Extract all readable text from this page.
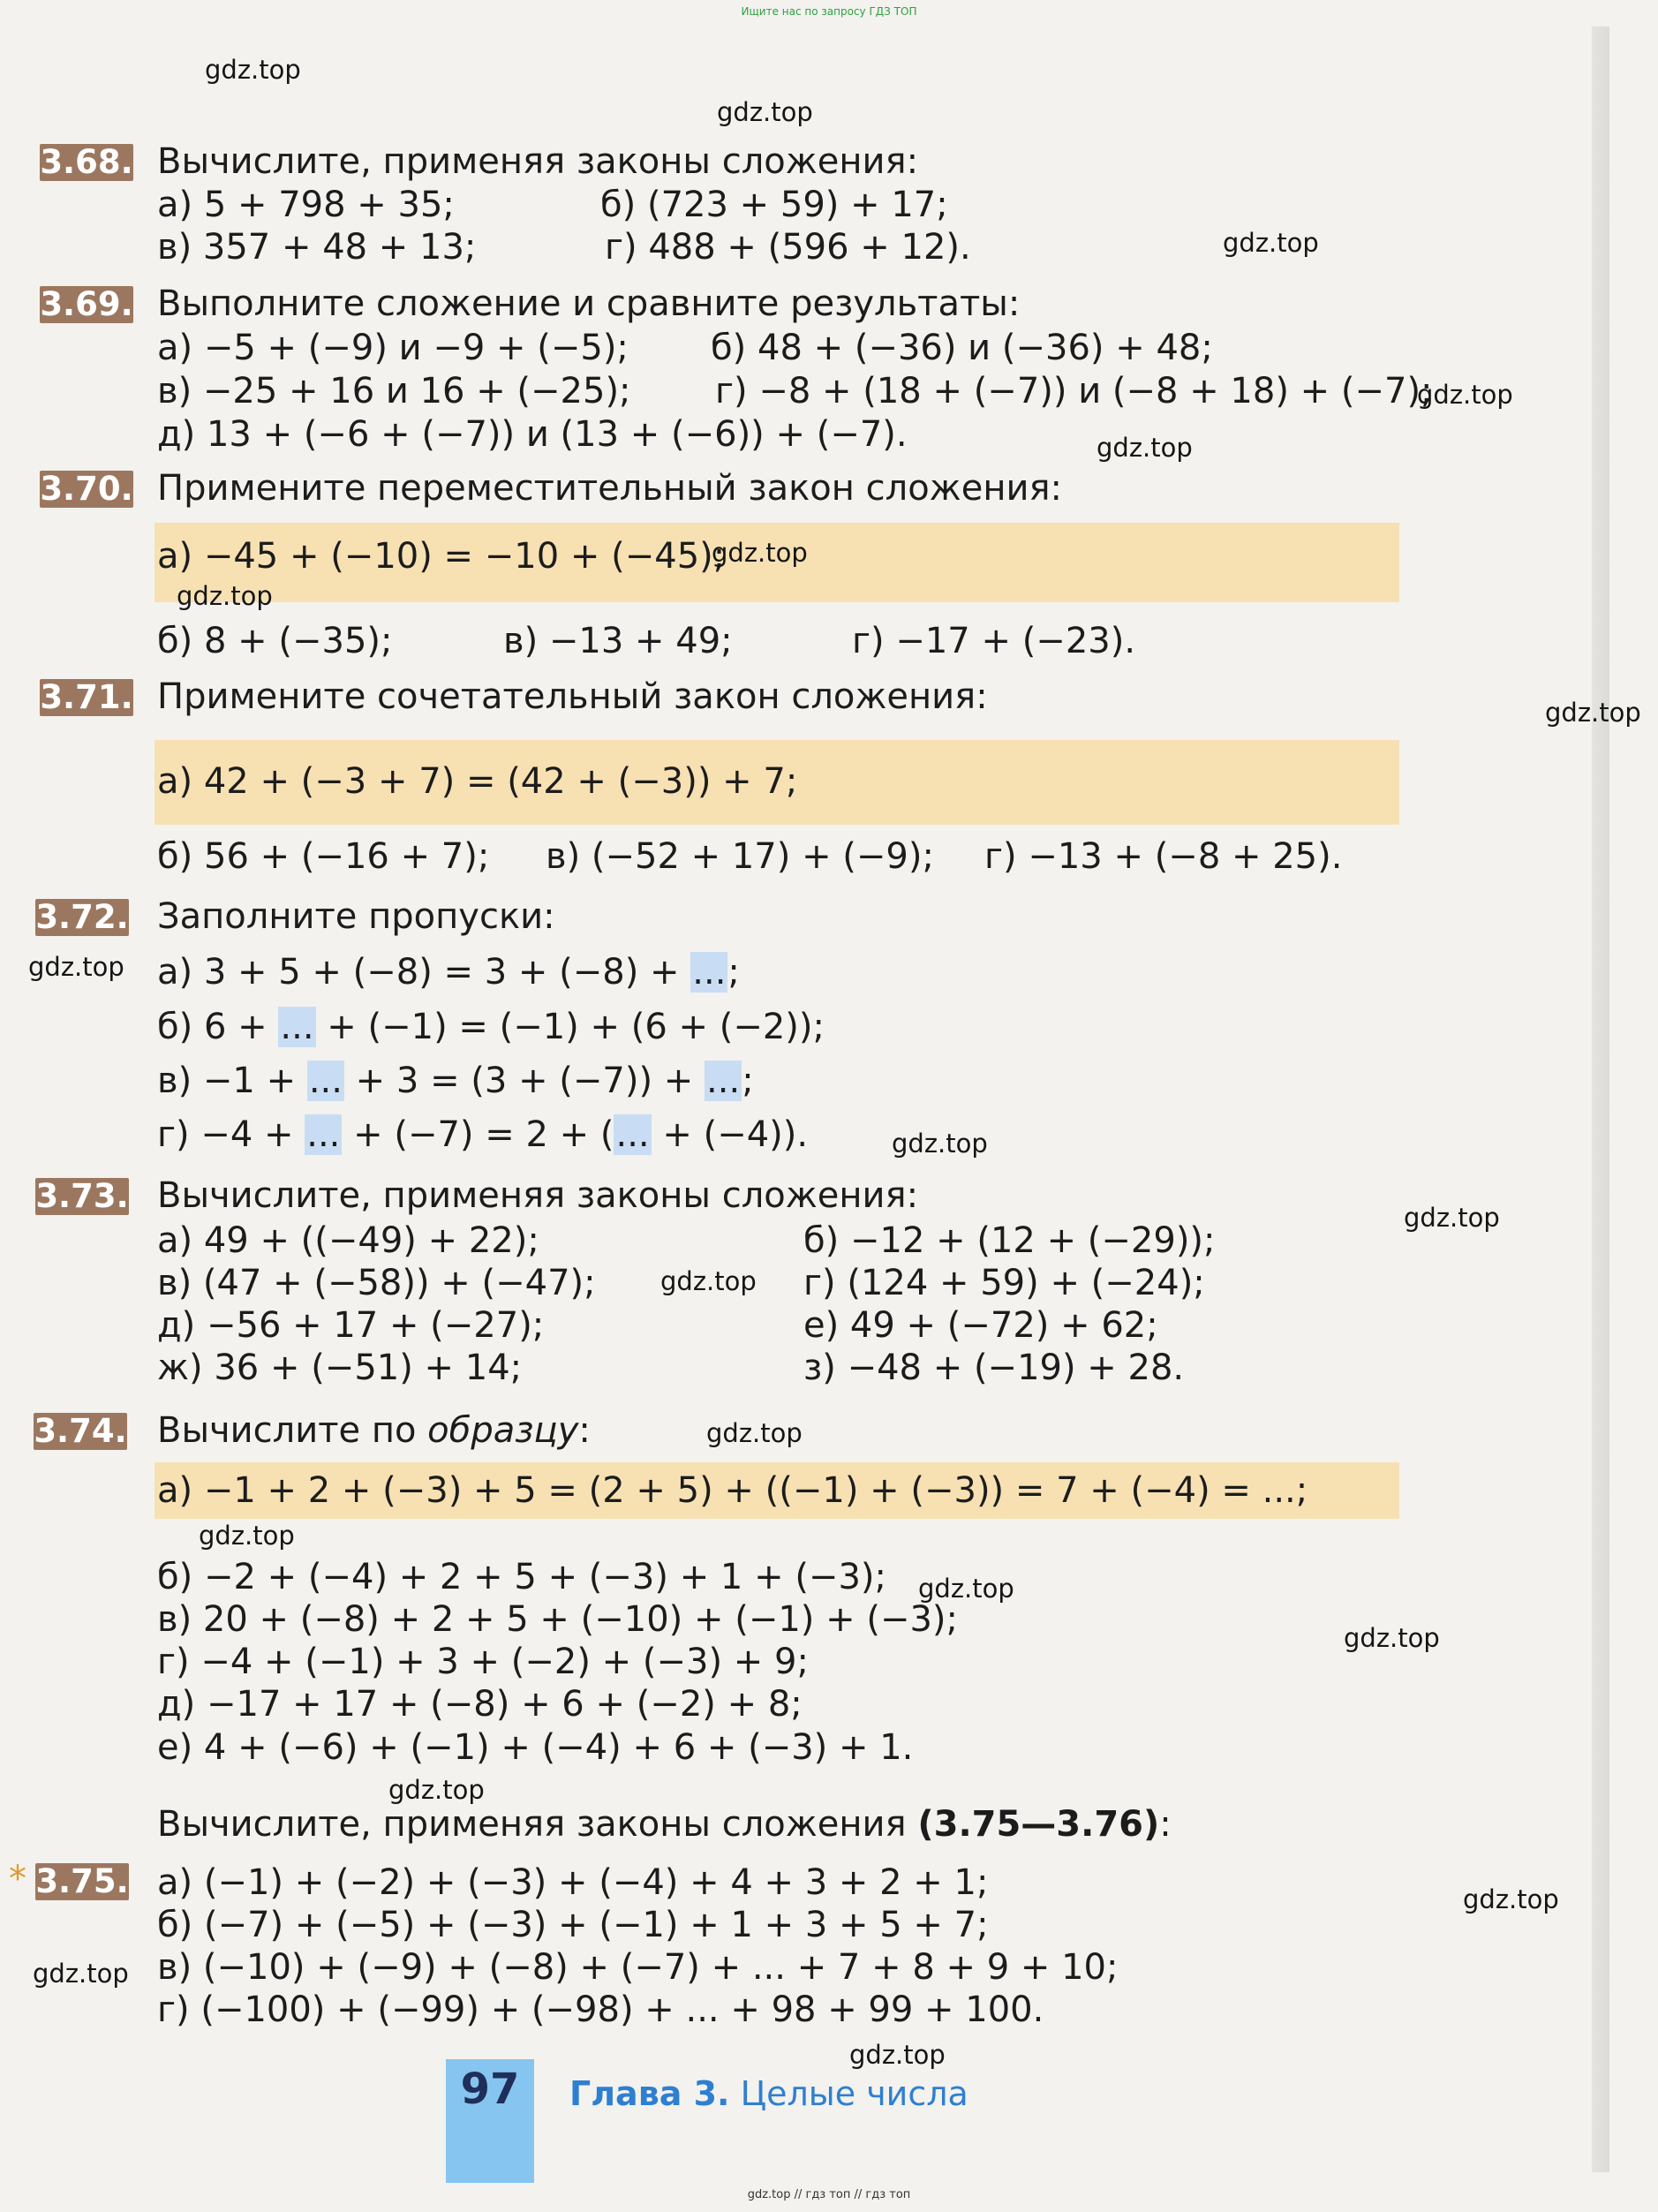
Ищите нас по запросу ГДЗ ТОП
3.68. Вычислите, применяя законы сложения:
а) 5 + 798 + 35;	б) (723 + 59) + 17;
в) 357 + 48 + 13;	г) 488 + (596 + 12).
3.69. Выполните сложение и сравните результаты:
а) −5 + (−9) и −9 + (−5); б) 48 + (−36) и (−36) + 48;
в) −25 + 16 и 16 + (−25); г) −8 + (18 + (−7)) и (−8 + 18) + (−7);
д) 13 + (−6 + (−7)) и (13 + (−6)) + (−7).
3.70. Примените переместительный закон сложения:
а) −45 + (−10) = −10 + (−45);
б) 8 + (−35);	в) −13 + 49;	г) −17 + (−23).
3.71. Примените сочетательный закон сложения:
а) 42 + (−3 + 7) = (42 + (−3)) + 7;
б) 56 + (−16 + 7); в) (−52 + 17) + (−9); г) −13 + (−8 + 25).
3.72. Заполните пропуски:
а) 3 + 5 + (−8) = 3 + (−8) + ...;
б) 6 + ... + (−1) = (−1) + (6 + (−2));
в) −1 + ... + 3 = (3 + (−7)) + ...;
г) −4 + ... + (−7) = 2 + (... + (−4)).
3.73. Вычислите, применяя законы сложения:
а) 49 + ((−49) + 22);	б) −12 + (12 + (−29));
в) (47 + (−58)) + (−47);	г) (124 + 59) + (−24);
д) −56 + 17 + (−27);	е) 49 + (−72) + 62;
ж) 36 + (−51) + 14;	з) −48 + (−19) + 28.
3.74. Вычислите по образцу:
а) −1 + 2 + (−3) + 5 = (2 + 5) + ((−1) + (−3)) = 7 + (−4) = ...;
б) −2 + (−4) + 2 + 5 + (−3) + 1 + (−3);
в) 20 + (−8) + 2 + 5 + (−10) + (−1) + (−3);
г) −4 + (−1) + 3 + (−2) + (−3) + 9;
д) −17 + 17 + (−8) + 6 + (−2) + 8;
е) 4 + (−6) + (−1) + (−4) + 6 + (−3) + 1.
Вычислите, применяя законы сложения (3.75—3.76):
* 3.75. а) (−1) + (−2) + (−3) + (−4) + 4 + 3 + 2 + 1;
б) (−7) + (−5) + (−3) + (−1) + 1 + 3 + 5 + 7;
в) (−10) + (−9) + (−8) + (−7) + ... + 7 + 8 + 9 + 10;
г) (−100) + (−99) + (−98) + ... + 98 + 99 + 100.
gdz.top
gdz.top
gdz.top
gdz.top
gdz.top
gdz.top
gdz.top
gdz.top
gdz.top
gdz.top
gdz.top
gdz.top
gdz.top
gdz.top
gdz.top
gdz.top
gdz.top
gdz.top
gdz.top
gdz.top
97	Глава 3. Целые числа
gdz.top // гдз топ // гдз топ
